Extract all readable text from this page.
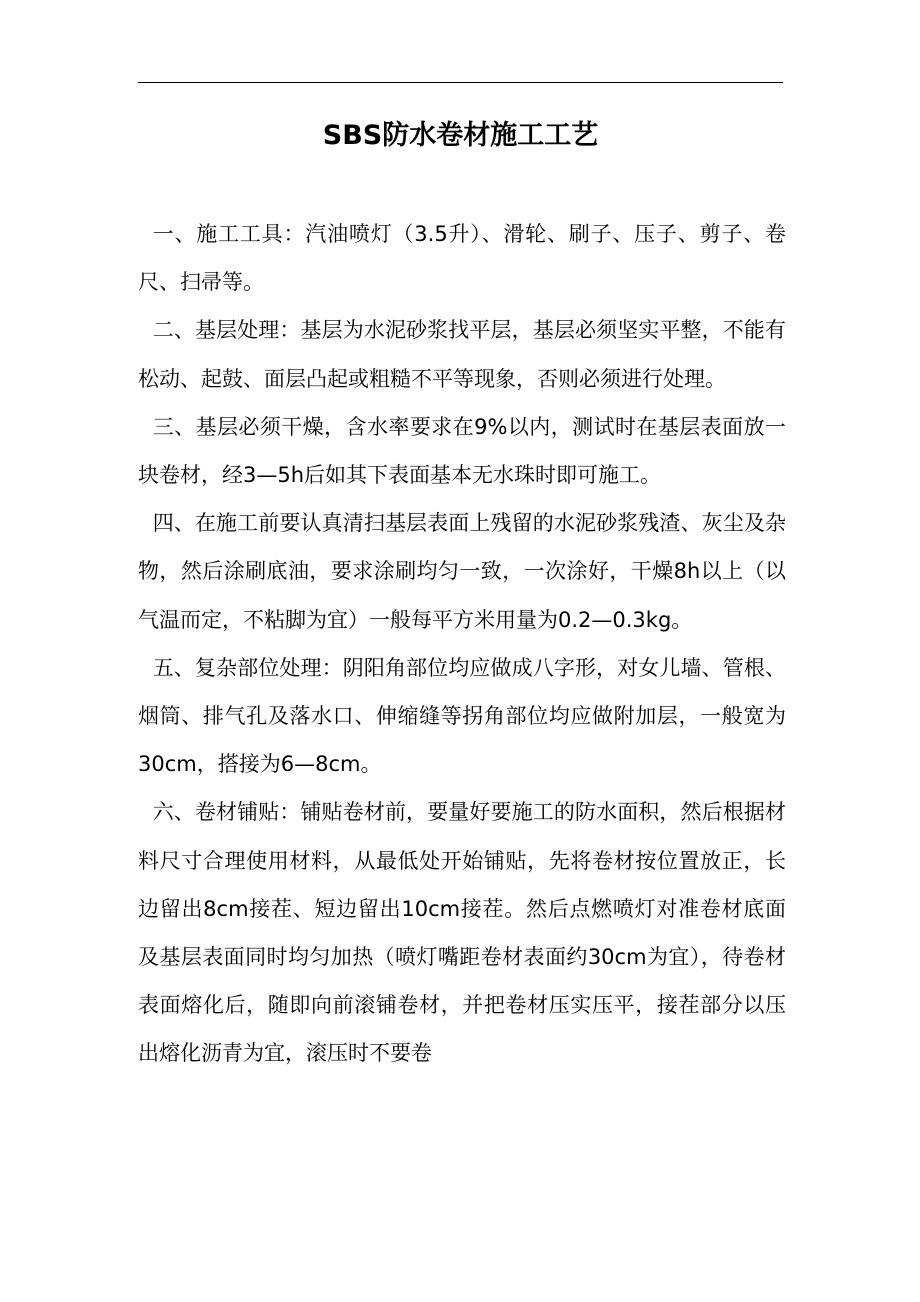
SBS防水卷材施工工艺

一、施工工具：汽油喷灯（3.5升）、滑轮、刷子、压子、剪子、卷尺、扫帚等。

二、基层处理：基层为水泥砂浆找平层，基层必须坚实平整，不能有松动、起鼓、面层凸起或粗糙不平等现象，否则必须进行处理。

三、基层必须干燥，含水率要求在9%以内，测试时在基层表面放一块卷材，经3—5h后如其下表面基本无水珠时即可施工。

四、在施工前要认真清扫基层表面上残留的水泥砂浆残渣、灰尘及杂物，然后涂刷底油，要求涂刷均匀一致，一次涂好，干燥8h以上（以气温而定，不粘脚为宜）一般每平方米用量为0.2—0.3kg。

五、复杂部位处理：阴阳角部位均应做成八字形，对女儿墙、管根、烟筒、排气孔及落水口、伸缩缝等拐角部位均应做附加层，一般宽为30cm，搭接为6—8cm。

六、卷材铺贴：铺贴卷材前，要量好要施工的防水面积，然后根据材料尺寸合理使用材料，从最低处开始铺贴，先将卷材按位置放正，长边留出8cm接茬、短边留出10cm接茬。然后点燃喷灯对准卷材底面及基层表面同时均匀加热（喷灯嘴距卷材表面约30cm为宜），待卷材表面熔化后，随即向前滚铺卷材，并把卷材压实压平，接茬部分以压出熔化沥青为宜，滚压时不要卷
